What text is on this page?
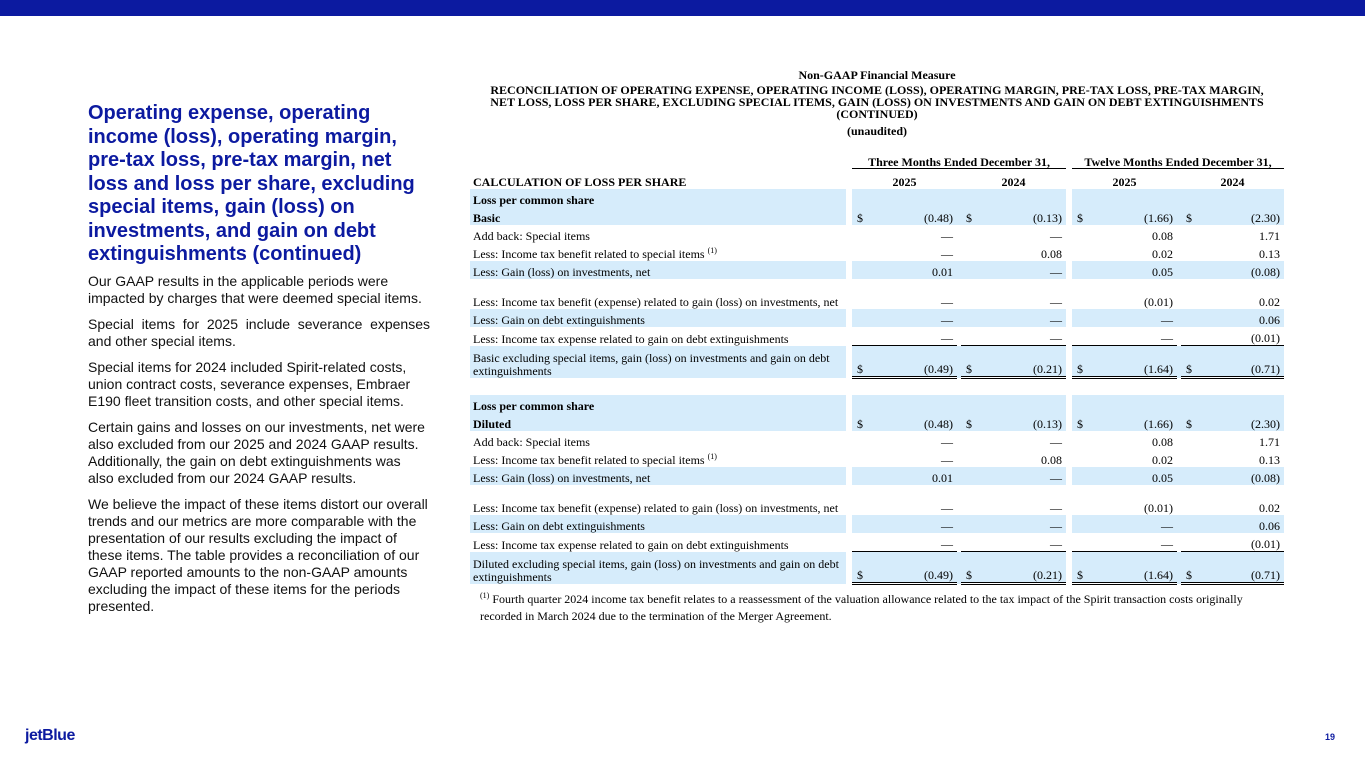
Operating expense, operating income (loss), operating margin, pre-tax loss, pre-tax margin, net loss and loss per share, excluding special items, gain (loss) on investments, and gain on debt extinguishments (continued)

Our GAAP results in the applicable periods were impacted by charges that were deemed special items.

Special items for 2025 include severance expenses and other special items.

Special items for 2024 included Spirit-related costs, union contract costs, severance expenses, Embraer E190 fleet transition costs, and other special items.

Certain gains and losses on our investments, net were also excluded from our 2025 and 2024 GAAP results. Additionally, the gain on debt extinguishments was also excluded from our 2024 GAAP results.

We believe the impact of these items distort our overall trends and our metrics are more comparable with the presentation of our results excluding the impact of these items. The table provides a reconciliation of our GAAP reported amounts to the non-GAAP amounts excluding the impact of these items for the periods presented.

Non-GAAP Financial Measure
RECONCILIATION OF OPERATING EXPENSE, OPERATING INCOME (LOSS), OPERATING MARGIN, PRE-TAX LOSS, PRE-TAX MARGIN, NET LOSS, LOSS PER SHARE, EXCLUDING SPECIAL ITEMS, GAIN (LOSS) ON INVESTMENTS AND GAIN ON DEBT EXTINGUISHMENTS (CONTINUED)
(unaudited)
		Three Months Ended December 31,				Twelve Months Ended December 31,		
CALCULATION OF LOSS PER SHARE		2025		2024		2025		2024
Loss per common share								
Basic		$ (0.48)		$ (0.13)		$ (1.66)		$ (2.30)
Add back: Special items		—		—		0.08		1.71
Less: Income tax benefit related to special items $^{(1)}$		—		0.08		0.02		0.13
Less: Gain (loss) on investments, net		0.01		—		0.05		(0.08)
Less: Income tax benefit (expense) related to gain (loss) on investments, net		—		—		(0.01)		0.02
Less: Gain on debt extinguishments		—		—		—		0.06
Less: Income tax expense related to gain on debt extinguishments		—		—		—		(0.01)
Basic excluding special items, gain (loss) on investments and gain on debt extinguishments		$ (0.49)		$ (0.21)		$ (1.64)		$ (0.71)

Loss per common share								
Diluted		$ (0.48)		$ (0.13)		$ (1.66)		$ (2.30)
Add back: Special items		—		—		0.08		1.71
Less: Income tax benefit related to special items $^{(1)}$		—		0.08		0.02		0.13
Less: Gain (loss) on investments, net		0.01		—		0.05		(0.08)
Less: Income tax benefit (expense) related to gain (loss) on investments, net		—		—		(0.01)		0.02
Less: Gain on debt extinguishments		—		—		—		0.06
Less: Income tax expense related to gain on debt extinguishments		—		—		—		(0.01)
Diluted excluding special items, gain (loss) on investments and gain on debt extinguishments		$ (0.49)		$ (0.21)		$ (1.64)		$ (0.71)
$^{(1)}$ Fourth quarter 2024 income tax benefit relates to a reassessment of the valuation allowance related to the tax impact of the Spirit transaction costs originally recorded in March 2024 due to the termination of the Merger Agreement.
jetBlue	19
